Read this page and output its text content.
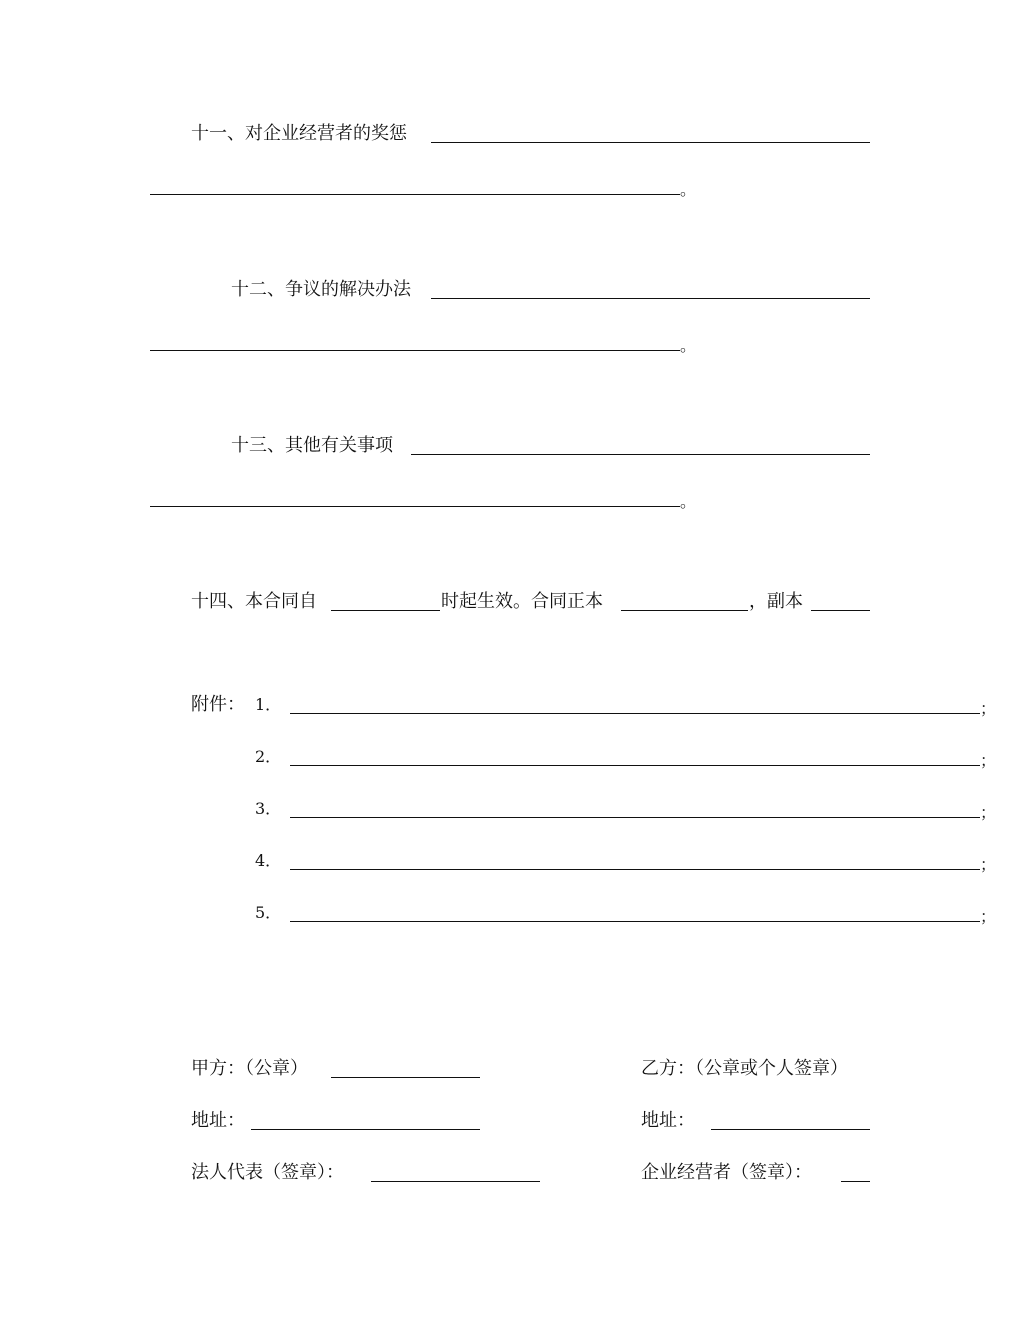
十一、对企业经营者的奖惩
。
十二、争议的解决办法
。
十三、其他有关事项
。
十四、本合同自	时起生效。合同正本	，副本
附件： 1．	；
2．	；
3．	；
4．	；
5．	；
甲方：（公章）	乙方：（公章或个人签章）
地址：	地址：
法人代表（签章）：	企业经营者（签章）：
